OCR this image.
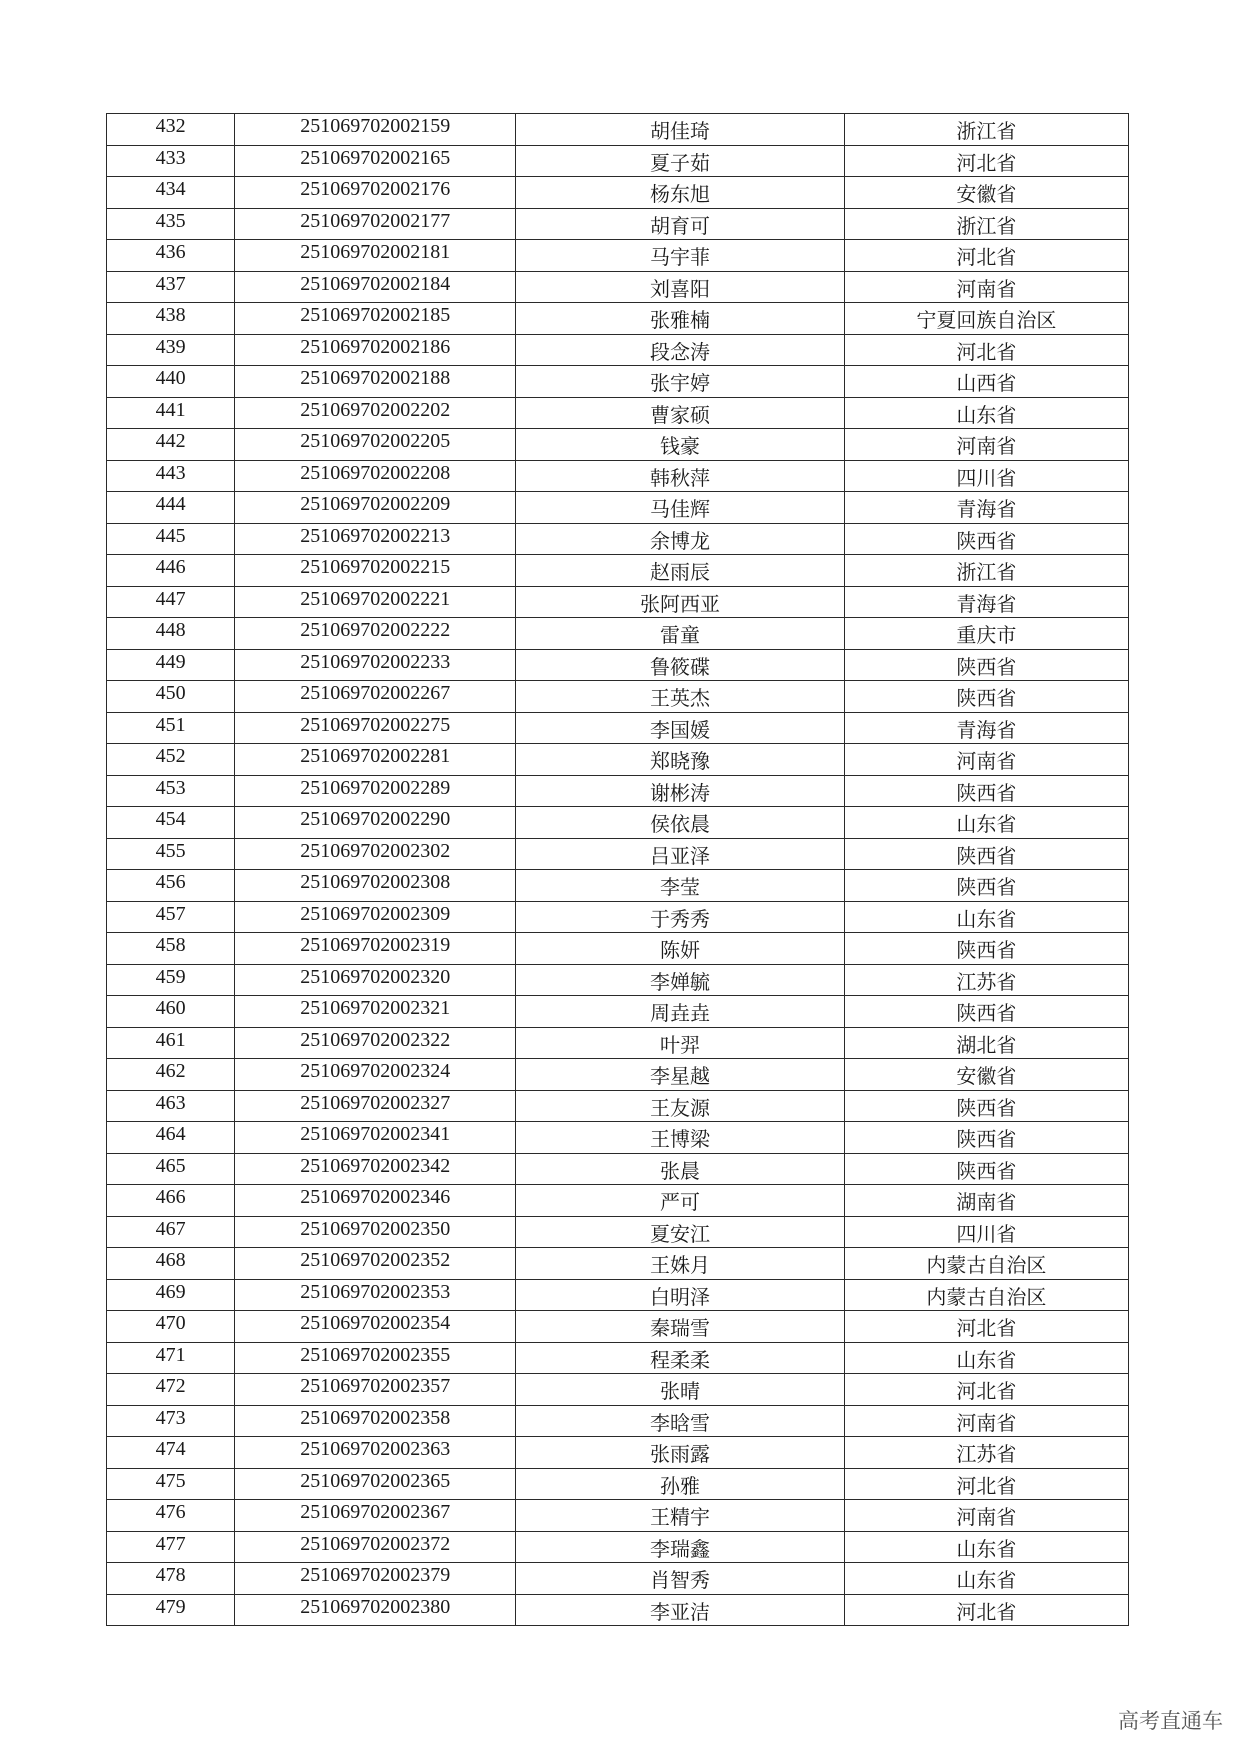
432	251069702002159	胡佳琦	浙江省
433	251069702002165	夏子茹	河北省
434	251069702002176	杨东旭	安徽省
435	251069702002177	胡育可	浙江省
436	251069702002181	马宇菲	河北省
437	251069702002184	刘喜阳	河南省
438	251069702002185	张雅楠	宁夏回族自治区
439	251069702002186	段念涛	河北省
440	251069702002188	张宇婷	山西省
441	251069702002202	曹家硕	山东省
442	251069702002205	钱豪	河南省
443	251069702002208	韩秋萍	四川省
444	251069702002209	马佳辉	青海省
445	251069702002213	余博龙	陕西省
446	251069702002215	赵雨辰	浙江省
447	251069702002221	张阿西亚	青海省
448	251069702002222	雷童	重庆市
449	251069702002233	鲁筱碟	陕西省
450	251069702002267	王英杰	陕西省
451	251069702002275	李国媛	青海省
452	251069702002281	郑晓豫	河南省
453	251069702002289	谢彬涛	陕西省
454	251069702002290	侯依晨	山东省
455	251069702002302	吕亚泽	陕西省
456	251069702002308	李莹	陕西省
457	251069702002309	于秀秀	山东省
458	251069702002319	陈妍	陕西省
459	251069702002320	李婵毓	江苏省
460	251069702002321	周垚垚	陕西省
461	251069702002322	叶羿	湖北省
462	251069702002324	李星越	安徽省
463	251069702002327	王友源	陕西省
464	251069702002341	王博梁	陕西省
465	251069702002342	张晨	陕西省
466	251069702002346	严可	湖南省
467	251069702002350	夏安江	四川省
468	251069702002352	王姝月	内蒙古自治区
469	251069702002353	白明泽	内蒙古自治区
470	251069702002354	秦瑞雪	河北省
471	251069702002355	程柔柔	山东省
472	251069702002357	张晴	河北省
473	251069702002358	李晗雪	河南省
474	251069702002363	张雨露	江苏省
475	251069702002365	孙雅	河北省
476	251069702002367	王精宇	河南省
477	251069702002372	李瑞鑫	山东省
478	251069702002379	肖智秀	山东省
479	251069702002380	李亚洁	河北省
高考直通车
